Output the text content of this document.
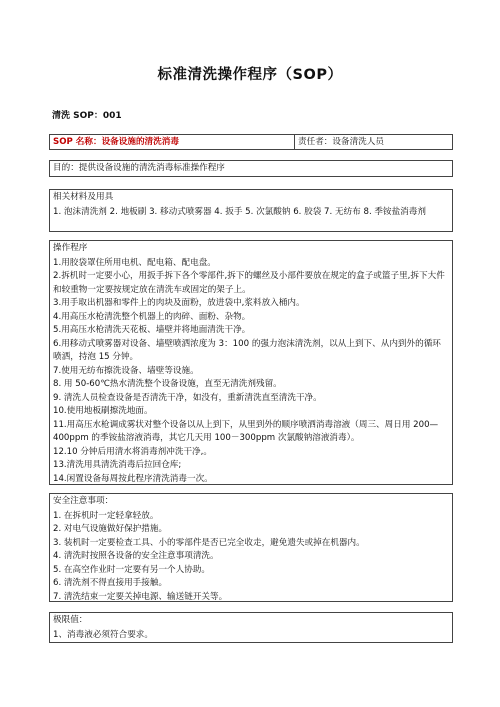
标准清洗操作程序（SOP）
清洗 SOP：001
SOP 名称：设备设施的清洗消毒	责任者：设备清洗人员
目的：提供设备设施的清洗消毒标准操作程序
相关材料及用具
1. 泡沫清洗剂 2. 地板刷 3. 移动式喷雾器 4. 扳手 5. 次氯酸钠 6. 胶袋 7. 无纺布 8. 季铵盐消毒剂
操作程序
1.用胶袋罩住所用电机、配电箱、配电盘。
2.拆机时一定要小心，用扳手拆下各个零部件,拆下的螺丝及小部件要放在规定的盒子或篮子里,拆下大件和较重物一定要按规定放在清洗车或固定的架子上。
3.用手取出机器和零件上的肉块及面粉，放进袋中,浆料放入桶内。
4.用高压水枪清洗整个机器上的肉碎、面粉、杂物。
5.用高压水枪清洗天花板、墙壁并将地面清洗干净。
6.用移动式喷雾器对设备、墙壁喷洒浓度为 3：100 的强力泡沫清洗剂，以从上到下、从内到外的循环喷洒，持泡 15 分钟。
7.使用无纺布擦洗设备、墙壁等设施。
8. 用 50-60℃热水清洗整个设备设施，直至无清洗剂残留。
9. 清洗人员检查设备是否清洗干净，如没有，重新清洗直至清洗干净。
10.使用地板刷擦洗地面。
11.用高压水枪调成雾状对整个设备以从上到下，从里到外的顺序喷洒消毒溶液（周三、周日用 200—400ppm 的季铵盐溶液消毒，其它几天用 100－300ppm 次氯酸钠溶液消毒）。
12.10 分钟后用清水将消毒剂冲洗干净,。
13.清洗用具清洗消毒后拉回仓库;
14.闲置设备每周按此程序清洗消毒一次。
安全注意事项：
1. 在拆机时一定轻拿轻放。
2. 对电气设施做好保护措施。
3. 装机时一定要检查工具、小的零部件是否已完全收走，避免遗失或掉在机器内。
4. 清洗时按照各设备的安全注意事项清洗。
5. 在高空作业时一定要有另一个人协助。
6. 清洗剂不得直接用手接触。
7. 清洗结束一定要关掉电源、输送链开关等。
极限值：
1、消毒液必须符合要求。
